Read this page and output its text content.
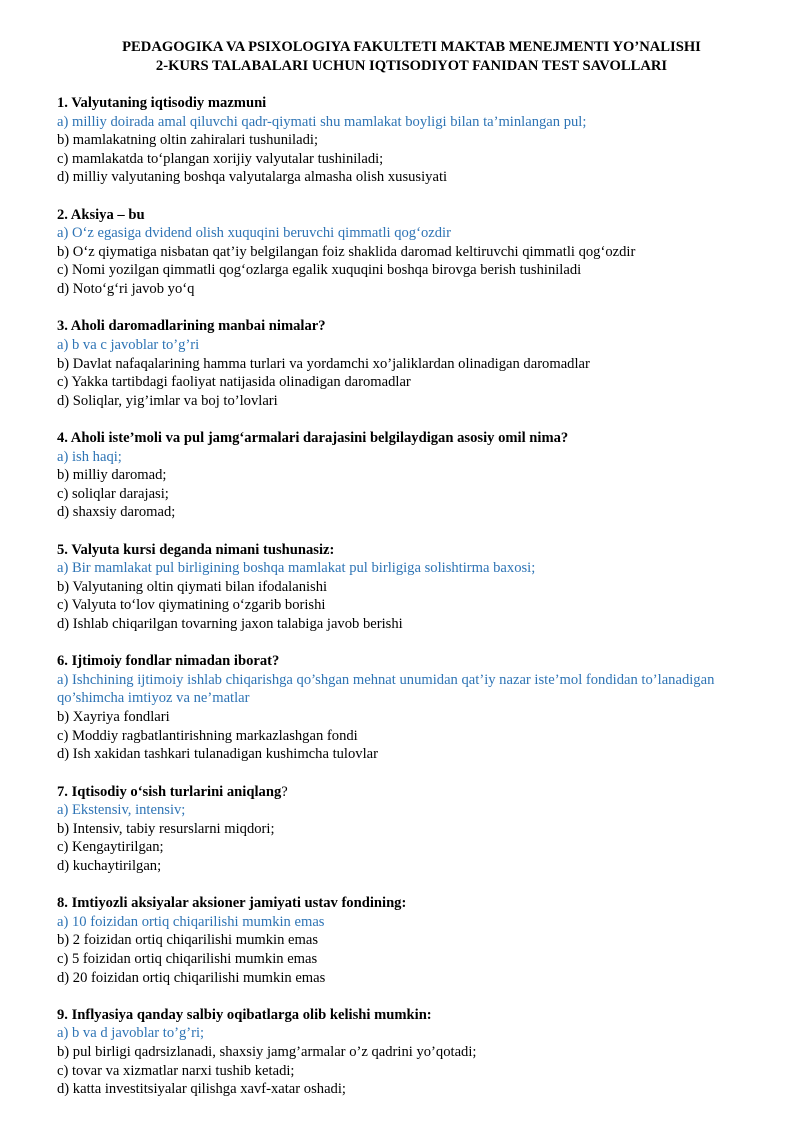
PEDAGOGIKA VA PSIXOLOGIYA FAKULTETI MAKTAB MENEJMENTI YO’NALISHI
2-KURS TALABALARI UCHUN IQTISODIYOT FANIDAN TEST SAVOLLARI
1. Valyutaning iqtisodiy mazmuni
a) milliy doirada amal qiluvchi qadr-qiymati shu mamlakat boyligi bilan ta’minlangan pul;
b) mamlakatning oltin zahiralari tushuniladi;
c) mamlakatda to‘plangan xorijiy valyutalar tushiniladi;
d) milliy valyutaning boshqa valyutalarga almasha olish xususiyati
2. Aksiya – bu
a) O‘z egasiga dvidend olish xuquqini beruvchi qimmatli qog‘ozdir
b) O‘z qiymatiga nisbatan qat’iy belgilangan foiz shaklida daromad keltiruvchi qimmatli qog‘ozdir
c) Nomi yozilgan qimmatli qog‘ozlarga egalik xuquqini boshqa birovga berish tushiniladi
d) Noto‘g‘ri javob yo‘q
3. Aholi daromadlarining manbai nimalar?
a) b va c javoblar to’g’ri
b) Davlat nafaqalarining hamma turlari va yordamchi xo’jaliklardan olinadigan daromadlar
c) Yakka tartibdagi faoliyat natijasida olinadigan daromadlar
d) Soliqlar, yig’imlar va boj to’lovlari
4. Aholi iste’moli va pul jamg‘armalari darajasini belgilaydigan asosiy omil nima?
a) ish haqi;
b) milliy daromad;
c) soliqlar darajasi;
d) shaxsiy daromad;
5. Valyuta kursi deganda nimani tushunasiz:
a) Bir mamlakat pul birligining boshqa mamlakat pul birligiga solishtirma baxosi;
b) Valyutaning oltin qiymati bilan ifodalanishi
c) Valyuta to‘lov qiymatining o‘zgarib borishi
d) Ishlab chiqarilgan tovarning jaxon talabiga javob berishi
6. Ijtimoiy fondlar nimadan iborat?
a) Ishchining ijtimoiy ishlab chiqarishga qo’shgan mehnat unumidan qat’iy nazar iste’mol fondidan to’lanadigan qo’shimcha imtiyoz va ne’matlar
b) Xayriya fondlari
c) Moddiy ragbatlantirishning markazlashgan fondi
d) Ish xakidan tashkari tulanadigan kushimcha tulovlar
7. Iqtisodiy o‘sish turlarini aniqlang?
a) Ekstensiv, intensiv;
b) Intensiv, tabiy resurslarni miqdori;
c) Kengaytirilgan;
d) kuchaytirilgan;
8. Imtiyozli aksiyalar aksioner jamiyati ustav fondining:
a) 10 foizidan ortiq chiqarilishi mumkin emas
b) 2 foizidan ortiq chiqarilishi mumkin emas
c) 5 foizidan ortiq chiqarilishi mumkin emas
d) 20 foizidan ortiq chiqarilishi mumkin emas
9. Inflyasiya qanday salbiy oqibatlarga olib kelishi mumkin:
a) b va d javoblar to’g’ri;
b) pul birligi qadrsizlanadi, shaxsiy jamg’armalar o’z qadrini yo’qotadi;
c) tovar va xizmatlar narxi tushib ketadi;
d) katta investitsiyalar qilishga xavf-xatar oshadi;
